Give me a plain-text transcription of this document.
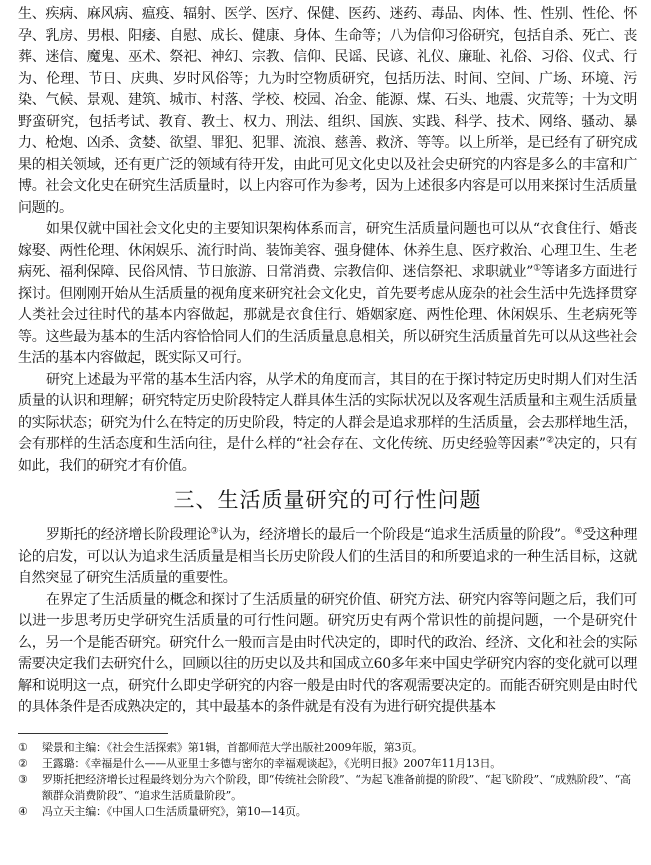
生、疾病、麻风病、瘟疫、辐射、医学、医疗、保健、医药、迷药、毒品、肉体、性、性别、性伦、怀孕、乳房、男根、阳痿、自慰、成长、健康、身体、生命等；八为信仰习俗研究，包括自杀、死亡、丧葬、迷信、魔鬼、巫术、祭祀、神幻、宗教、信仰、民谣、民谚、礼仪、廉耻、礼俗、习俗、仪式、行为、伦理、节日、庆典、岁时风俗等；九为时空物质研究，包括历法、时间、空间、广场、环境、污染、气候、景观、建筑、城市、村落、学校、校园、冶金、能源、煤、石头、地震、灾荒等；十为文明野蛮研究，包括考试、教育、教士、权力、刑法、组织、国族、实践、科学、技术、网络、骚动、暴力、枪炮、凶杀、贪婪、欲望、罪犯、犯罪、流浪、慈善、救济、等等。以上所举，是已经有了研究成果的相关领域，还有更广泛的领域有待开发，由此可见文化史以及社会史研究的内容是多么的丰富和广博。社会文化史在研究生活质量时，以上内容可作为参考，因为上述很多内容是可以用来探讨生活质量问题的。

如果仅就中国社会文化史的主要知识架构体系而言，研究生活质量问题也可以从“衣食住行、婚丧嫁娶、两性伦理、休闲娱乐、流行时尚、装饰美容、强身健体、休养生息、医疗救治、心理卫生、生老病死、福利保障、民俗风情、节日旅游、日常消费、宗教信仰、迷信祭祀、求职就业”①等诸多方面进行探讨。但刚刚开始从生活质量的视角度来研究社会文化史，首先要考虑从庞杂的社会生活中先选择贯穿人类社会过往时代的基本内容做起，那就是衣食住行、婚姻家庭、两性伦理、休闲娱乐、生老病死等等。这些最为基本的生活内容恰恰同人们的生活质量息息相关，所以研究生活质量首先可以从这些社会生活的基本内容做起，既实际又可行。

研究上述最为平常的基本生活内容，从学术的角度而言，其目的在于探讨特定历史时期人们对生活质量的认识和理解；研究特定历史阶段特定人群具体生活的实际状况以及客观生活质量和主观生活质量的实际状态；研究为什么在特定的历史阶段，特定的人群会是追求那样的生活质量，会去那样地生活，会有那样的生活态度和生活向往，是什么样的“社会存在、文化传统、历史经验等因素”②决定的，只有如此，我们的研究才有价值。

三、生活质量研究的可行性问题

罗斯托的经济增长阶段理论③认为，经济增长的最后一个阶段是“追求生活质量的阶段”。④受这种理论的启发，可以认为追求生活质量是相当长历史阶段人们的生活目的和所要追求的一种生活目标，这就自然突显了研究生活质量的重要性。

在界定了生活质量的概念和探讨了生活质量的研究价值、研究方法、研究内容等问题之后，我们可以进一步思考历史学研究生活质量的可行性问题。研究历史有两个常识性的前提问题，一个是研究什么，另一个是能否研究。研究什么一般而言是由时代决定的，即时代的政治、经济、文化和社会的实际需要决定我们去研究什么，回顾以往的历史以及共和国成立60多年来中国史学研究内容的变化就可以理解和说明这一点，研究什么即史学研究的内容一般是由时代的客观需要决定的。而能否研究则是由时代的具体条件是否成熟决定的，其中最基本的条件就是有没有为进行研究提供基本

① 梁景和主编：《社会生活探索》第1辑，首都师范大学出版社2009年版，第3页。
② 王露璐：《幸福是什么——从亚里士多德与密尔的幸福观谈起》，《光明日报》2007年11月13日。
③ 罗斯托把经济增长过程最终划分为六个阶段，即“传统社会阶段”、“为起飞准备前提的阶段”、“起飞阶段”、“成熟阶段”、“高额群众消费阶段”、“追求生活质量阶段”。
④ 冯立天主编：《中国人口生活质量研究》，第10—14页。
